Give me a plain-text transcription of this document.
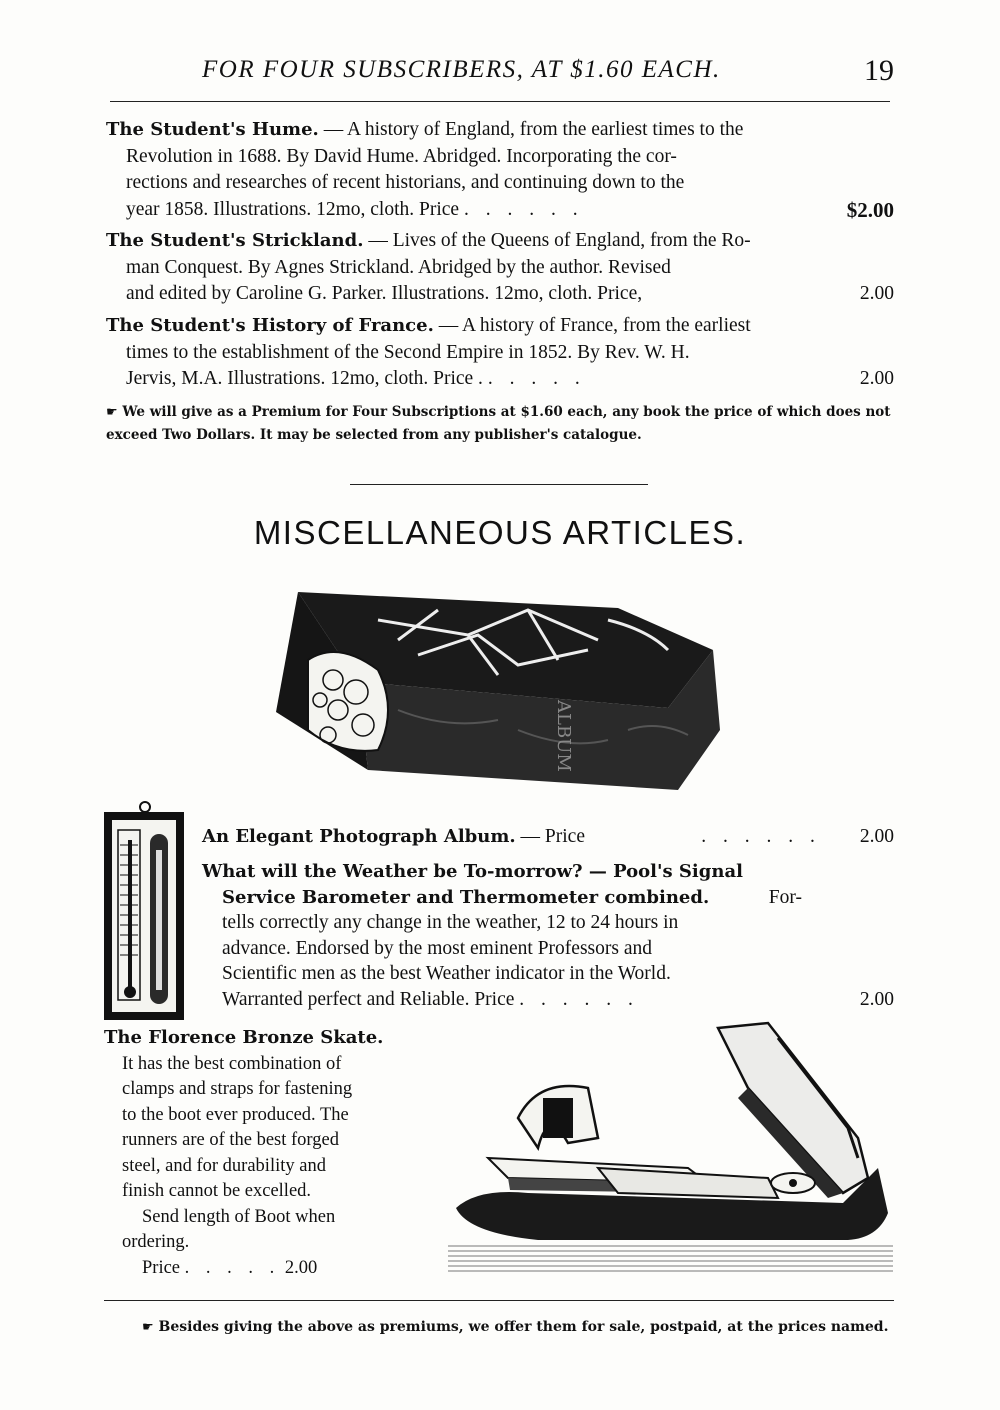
FOR FOUR SUBSCRIBERS, AT $1.60 EACH.	19
The Student's Hume. — A history of England, from the earliest times to the
Revolution in 1688. By David Hume. Abridged. Incorporating the cor-
rections and researches of recent historians, and continuing down to the
year 1858. Illustrations. 12mo, cloth. Price . . . . . .	$2.00
The Student's Strickland. — Lives of the Queens of England, from the Ro-
man Conquest. By Agnes Strickland. Abridged by the author. Revised
and edited by Caroline G. Parker. Illustrations. 12mo, cloth. Price,	2.00
The Student's History of France. — A history of France, from the earliest
times to the establishment of the Second Empire in 1852. By Rev. W. H.
Jervis, M.A. Illustrations. 12mo, cloth. Price . . . . . .	2.00
☛ We will give as a Premium for Four Subscriptions at $1.60 each, any book the price of which does not exceed Two Dollars. It may be selected from any publisher's catalogue.
MISCELLANEOUS ARTICLES.
ALBUM
An Elegant Photograph Album. — Price	. . . . . . 2.00
What will the Weather be To-morrow? — Pool's Signal
Service Barometer and Thermometer combined.	For-
tells correctly any change in the weather, 12 to 24 hours in
advance. Endorsed by the most eminent Professors and
Scientific men as the best Weather indicator in the World.
Warranted perfect and Reliable. Price . . . . . .	2.00
The Florence Bronze Skate.
It has the best combination of
clamps and straps for fastening
to the boot ever produced. The
runners are of the best forged
steel, and for durability and
finish cannot be excelled.
Send length of Boot when
ordering.
Price . . . . . 2.00
☛ Besides giving the above as premiums, we offer them for sale, postpaid, at the prices named.
